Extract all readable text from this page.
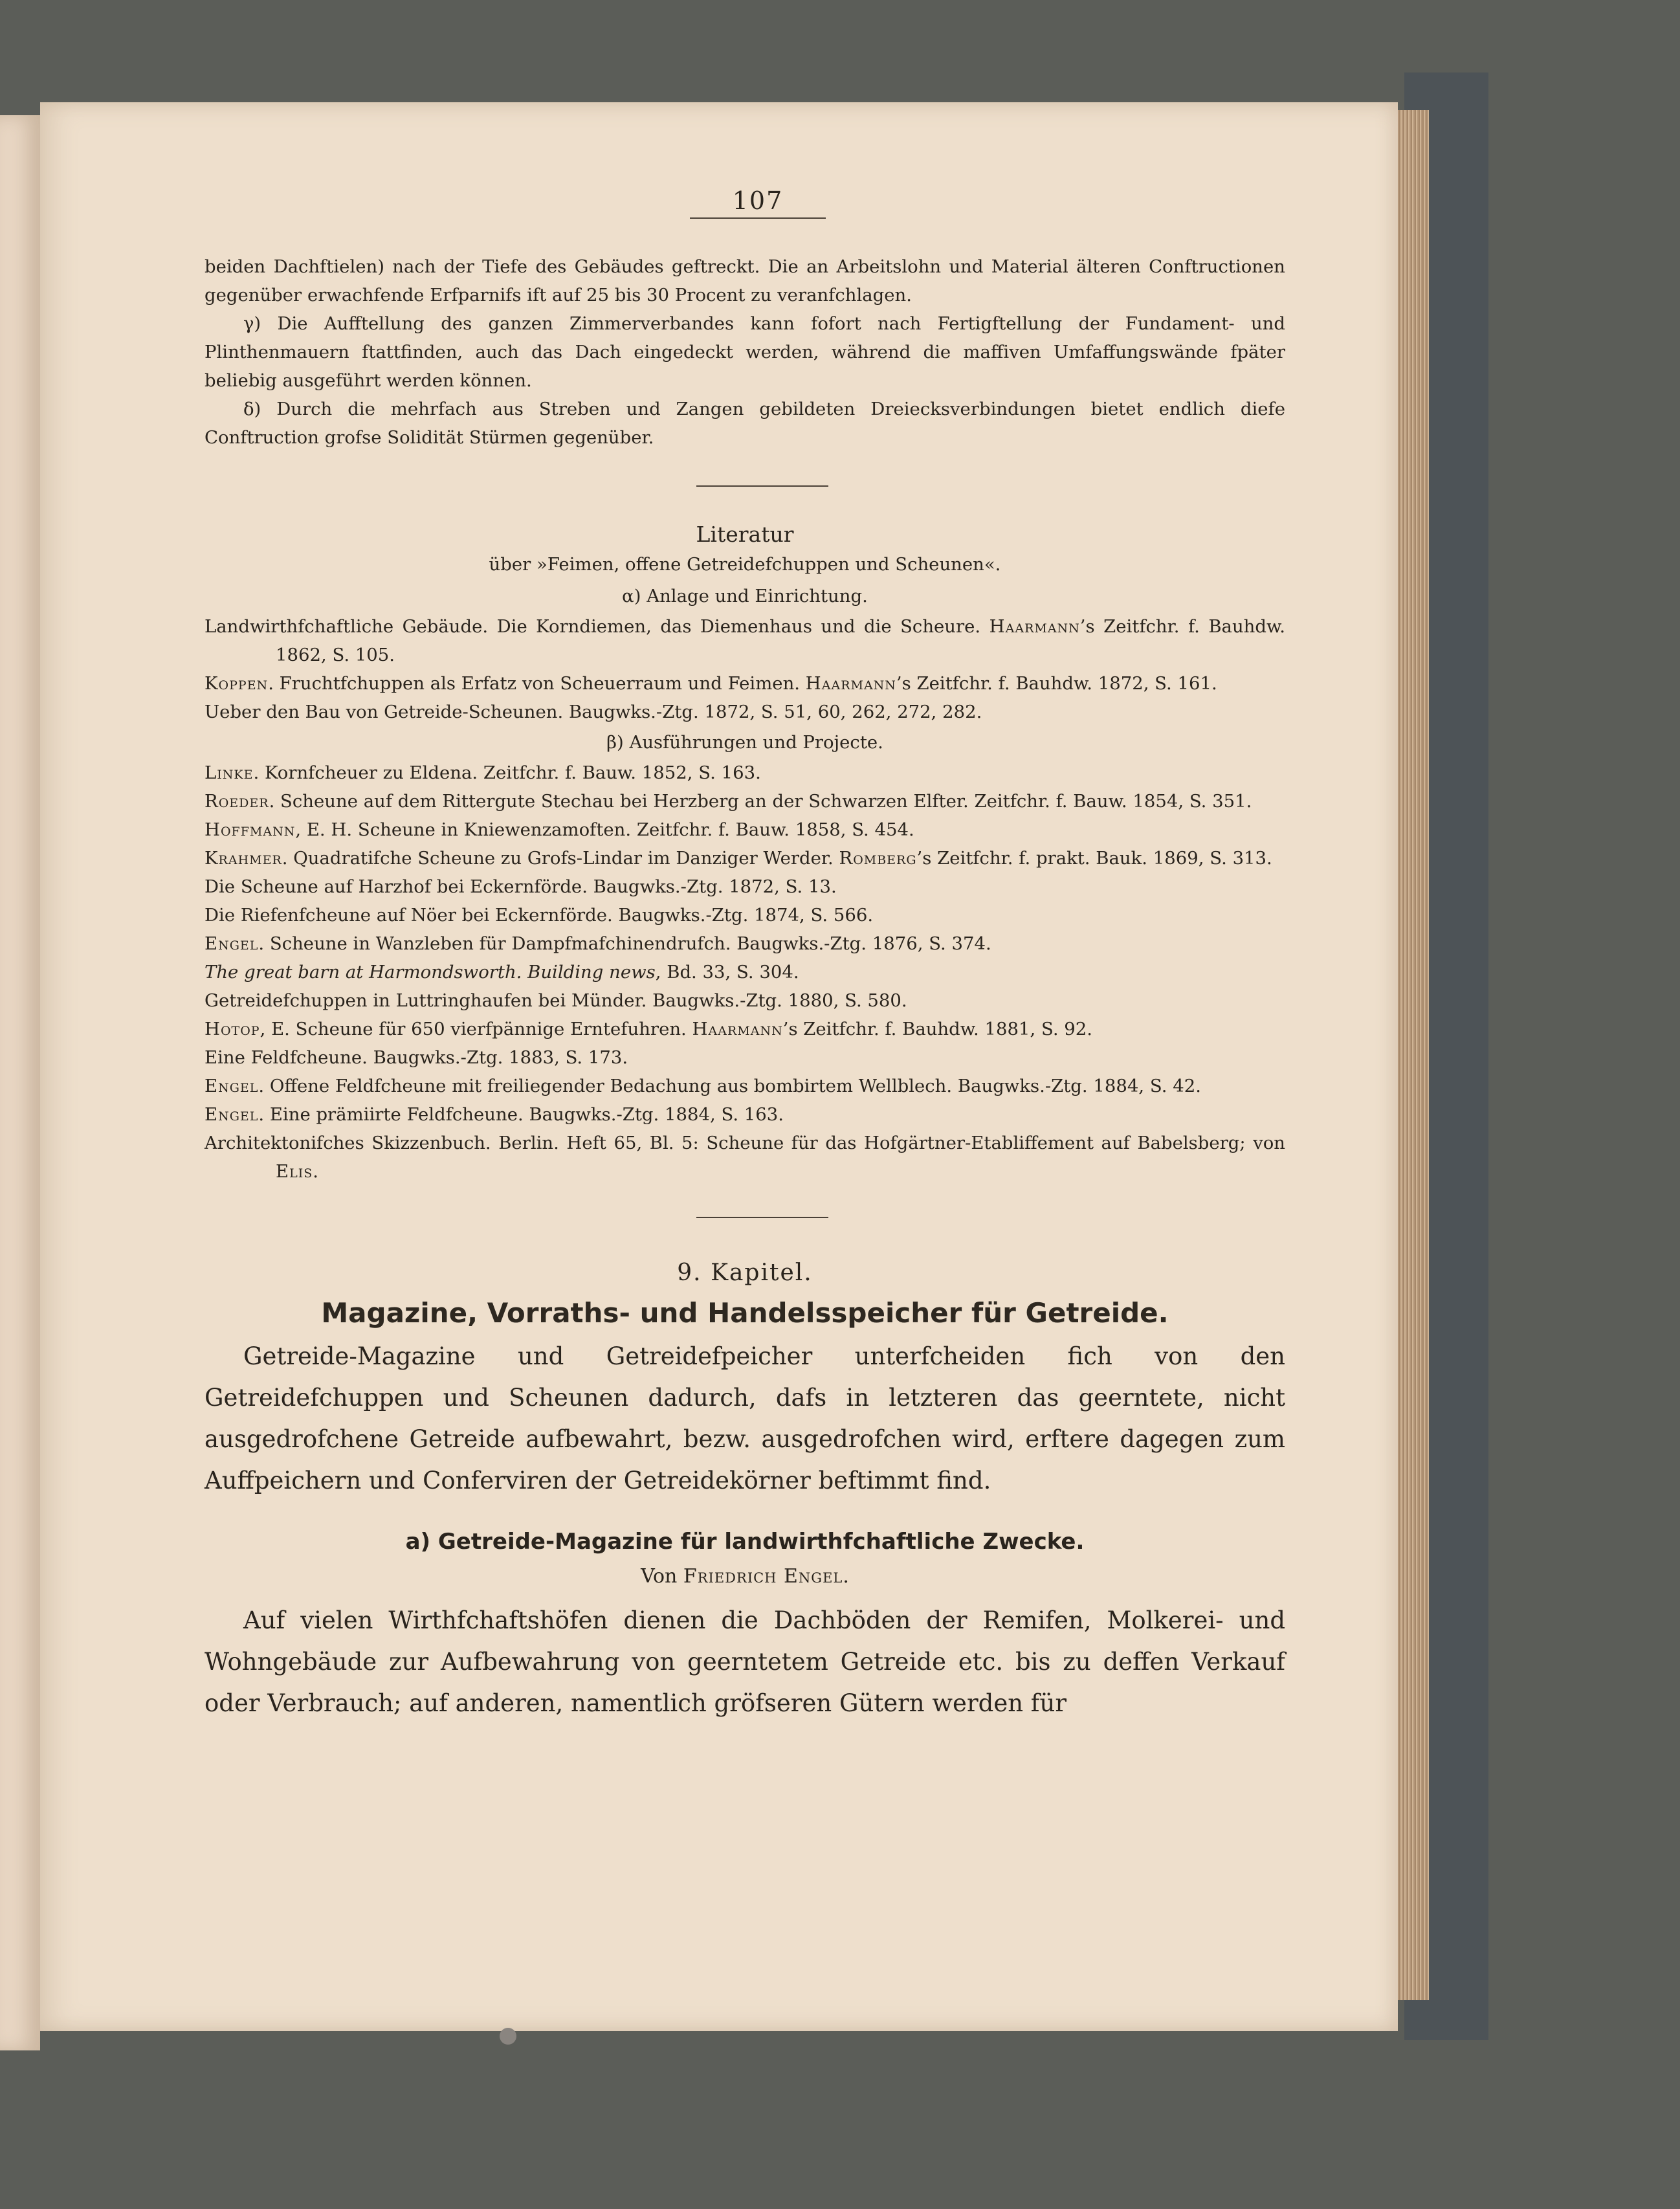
107

beiden Dachftielen) nach der Tiefe des Gebäudes geftreckt. Die an Arbeitslohn und Material älteren Conftructionen gegenüber erwachfende Erfparnifs ift auf 25 bis 30 Procent zu veranfchlagen.

γ) Die Aufftellung des ganzen Zimmerverbandes kann fofort nach Fertigftellung der Fundament- und Plinthenmauern ftattfinden, auch das Dach eingedeckt werden, während die maffiven Umfaffungswände fpäter beliebig ausgeführt werden können.

δ) Durch die mehrfach aus Streben und Zangen gebildeten Dreiecksverbindungen bietet endlich diefe Conftruction grofse Solidität Stürmen gegenüber.

Literatur
über »Feimen, offene Getreidefchuppen und Scheunen«.
α) Anlage und Einrichtung.
Landwirthfchaftliche Gebäude. Die Korndiemen, das Diemenhaus und die Scheure. Haarmann’s Zeitfchr. f. Bauhdw. 1862, S. 105.
Koppen. Fruchtfchuppen als Erfatz von Scheuerraum und Feimen. Haarmann’s Zeitfchr. f. Bauhdw. 1872, S. 161.
Ueber den Bau von Getreide-Scheunen. Baugwks.-Ztg. 1872, S. 51, 60, 262, 272, 282.
β) Ausführungen und Projecte.
Linke. Kornfcheuer zu Eldena. Zeitfchr. f. Bauw. 1852, S. 163.
Roeder. Scheune auf dem Rittergute Stechau bei Herzberg an der Schwarzen Elfter. Zeitfchr. f. Bauw. 1854, S. 351.
Hoffmann, E. H. Scheune in Kniewenzamoften. Zeitfchr. f. Bauw. 1858, S. 454.
Krahmer. Quadratifche Scheune zu Grofs-Lindar im Danziger Werder. Romberg’s Zeitfchr. f. prakt. Bauk. 1869, S. 313.
Die Scheune auf Harzhof bei Eckernförde. Baugwks.-Ztg. 1872, S. 13.
Die Riefenfcheune auf Nöer bei Eckernförde. Baugwks.-Ztg. 1874, S. 566.
Engel. Scheune in Wanzleben für Dampfmafchinendrufch. Baugwks.-Ztg. 1876, S. 374.
The great barn at Harmondsworth. Building news, Bd. 33, S. 304.
Getreidefchuppen in Luttringhaufen bei Münder. Baugwks.-Ztg. 1880, S. 580.
Hotop, E. Scheune für 650 vierfpännige Erntefuhren. Haarmann’s Zeitfchr. f. Bauhdw. 1881, S. 92.
Eine Feldfcheune. Baugwks.-Ztg. 1883, S. 173.
Engel. Offene Feldfcheune mit freiliegender Bedachung aus bombirtem Wellblech. Baugwks.-Ztg. 1884, S. 42.
Engel. Eine prämiirte Feldfcheune. Baugwks.-Ztg. 1884, S. 163.
Architektonifches Skizzenbuch. Berlin. Heft 65, Bl. 5: Scheune für das Hofgärtner-Etabliffement auf Babelsberg; von Elis.
9. Kapitel.
Magazine, Vorraths- und Handelsspeicher für Getreide.

Getreide-Magazine und Getreidefpeicher unterfcheiden fich von den Getreidefchuppen und Scheunen dadurch, dafs in letzteren das geerntete, nicht ausgedrofchene Getreide aufbewahrt, bezw. ausgedrofchen wird, erftere dagegen zum Auffpeichern und Conferviren der Getreidekörner beftimmt find.

a) Getreide-Magazine für landwirthfchaftliche Zwecke.
Von Friedrich Engel.

Auf vielen Wirthfchaftshöfen dienen die Dachböden der Remifen, Molkerei- und Wohngebäude zur Aufbewahrung von geerntetem Getreide etc. bis zu deffen Verkauf oder Verbrauch; auf anderen, namentlich gröfseren Gütern werden für
